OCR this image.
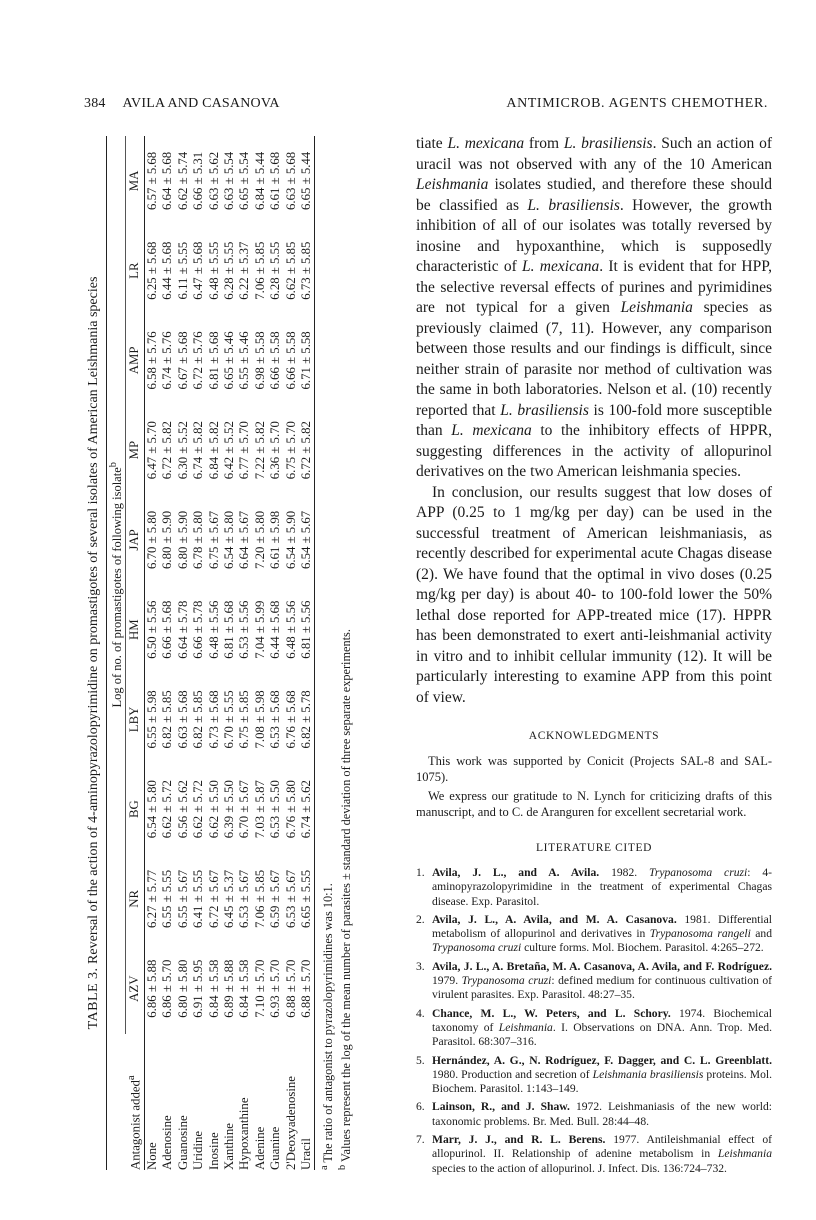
384 AVILA AND CASANOVA	ANTIMICROB. AGENTS CHEMOTHER.
TABLE 3. Reversal of the action of 4-aminopyrazolopyrimidine on promastigotes of several isolates of American Leishmania species
	Log of no. of promastigotes of following isolate$^b$
Antagonist added$^a$	AZV	NR	BG	LBY	HM	JAP	MP	AMP	LR	MA
None	6.86 ± 5.88	6.27 ± 5.77	6.54 ± 5.80	6.55 ± 5.98	6.50 ± 5.56	6.70 ± 5.80	6.47 ± 5.70	6.58 ± 5.76	6.25 ± 5.68	6.57 ± 5.68
Adenosine	6.86 ± 5.70	6.55 ± 5.55	6.62 ± 5.72	6.82 ± 5.85	6.66 ± 5.68	6.80 ± 5.90	6.72 ± 5.82	6.74 ± 5.76	6.44 ± 5.68	6.64 ± 5.68
Guanosine	6.80 ± 5.80	6.55 ± 5.67	6.56 ± 5.62	6.63 ± 5.68	6.64 ± 5.78	6.80 ± 5.90	6.30 ± 5.52	6.67 ± 5.68	6.11 ± 5.55	6.62 ± 5.74
Uridine	6.91 ± 5.95	6.41 ± 5.55	6.62 ± 5.72	6.82 ± 5.85	6.66 ± 5.78	6.78 ± 5.80	6.74 ± 5.82	6.72 ± 5.76	6.47 ± 5.68	6.66 ± 5.31
Inosine	6.84 ± 5.58	6.72 ± 5.67	6.62 ± 5.50	6.73 ± 5.68	6.48 ± 5.56	6.75 ± 5.67	6.84 ± 5.82	6.81 ± 5.68	6.48 ± 5.55	6.63 ± 5.62
Xanthine	6.89 ± 5.88	6.45 ± 5.37	6.39 ± 5.50	6.70 ± 5.55	6.81 ± 5.68	6.54 ± 5.80	6.42 ± 5.52	6.65 ± 5.46	6.28 ± 5.55	6.63 ± 5.54
Hypoxanthine	6.84 ± 5.58	6.53 ± 5.67	6.70 ± 5.67	6.75 ± 5.85	6.53 ± 5.56	6.64 ± 5.67	6.77 ± 5.70	6.55 ± 5.46	6.22 ± 5.37	6.65 ± 5.54
Adenine	7.10 ± 5.70	7.06 ± 5.85	7.03 ± 5.87	7.08 ± 5.98	7.04 ± 5.99	7.20 ± 5.80	7.22 ± 5.82	6.98 ± 5.58	7.06 ± 5.85	6.84 ± 5.44
Guanine	6.93 ± 5.70	6.59 ± 5.67	6.53 ± 5.50	6.53 ± 5.68	6.44 ± 5.68	6.61 ± 5.98	6.36 ± 5.70	6.66 ± 5.58	6.28 ± 5.55	6.61 ± 5.68
2'Deoxyadenosine	6.88 ± 5.70	6.53 ± 5.67	6.76 ± 5.80	6.76 ± 5.68	6.48 ± 5.56	6.54 ± 5.90	6.75 ± 5.70	6.66 ± 5.58	6.62 ± 5.85	6.63 ± 5.68
Uracil	6.88 ± 5.70	6.65 ± 5.55	6.74 ± 5.62	6.82 ± 5.78	6.81 ± 5.56	6.54 ± 5.67	6.72 ± 5.82	6.71 ± 5.58	6.73 ± 5.85	6.65 ± 5.44
$^a$ The ratio of antagonist to pyrazolopyrimidines was 10:1.
$^b$ Values represent the log of the mean number of parasites ± standard deviation of three separate experiments.

tiate L. mexicana from L. brasiliensis. Such an action of uracil was not observed with any of the 10 American Leishmania isolates studied, and therefore these should be classified as L. brasiliensis. However, the growth inhibition of all of our isolates was totally reversed by inosine and hypoxanthine, which is supposedly characteristic of L. mexicana. It is evident that for HPP, the selective reversal effects of purines and pyrimidines are not typical for a given Leishmania species as previously claimed (7, 11). However, any comparison between those results and our findings is difficult, since neither strain of parasite nor method of cultivation was the same in both laboratories. Nelson et al. (10) recently reported that L. brasiliensis is 100-fold more susceptible than L. mexicana to the inhibitory effects of HPPR, suggesting differences in the activity of allopurinol derivatives on the two American leishmania species.

In conclusion, our results suggest that low doses of APP (0.25 to 1 mg/kg per day) can be used in the successful treatment of American leishmaniasis, as recently described for experimental acute Chagas disease (2). We have found that the optimal in vivo doses (0.25 mg/kg per day) is about 40- to 100-fold lower the 50% lethal dose reported for APP-treated mice (17). HPPR has been demonstrated to exert anti-leishmanial activity in vitro and to inhibit cellular immunity (12). It will be particularly interesting to examine APP from this point of view.

ACKNOWLEDGMENTS

This work was supported by Conicit (Projects SAL-8 and SAL-1075).

We express our gratitude to N. Lynch for criticizing drafts of this manuscript, and to C. de Aranguren for excellent secretarial work.

LITERATURE CITED
1. Avila, J. L., and A. Avila. 1982. Trypanosoma cruzi: 4-aminopyrazolopyrimidine in the treatment of experimental Chagas disease. Exp. Parasitol.
2. Avila, J. L., A. Avila, and M. A. Casanova. 1981. Differential metabolism of allopurinol and derivatives in Trypanosoma rangeli and Trypanosoma cruzi culture forms. Mol. Biochem. Parasitol. 4:265–272.
3. Avila, J. L., A. Bretaña, M. A. Casanova, A. Avila, and F. Rodríguez. 1979. Trypanosoma cruzi: defined medium for continuous cultivation of virulent parasites. Exp. Parasitol. 48:27–35.
4. Chance, M. L., W. Peters, and L. Schory. 1974. Biochemical taxonomy of Leishmania. I. Observations on DNA. Ann. Trop. Med. Parasitol. 68:307–316.
5. Hernández, A. G., N. Rodríguez, F. Dagger, and C. L. Greenblatt. 1980. Production and secretion of Leishmania brasiliensis proteins. Mol. Biochem. Parasitol. 1:143–149.
6. Lainson, R., and J. Shaw. 1972. Leishmaniasis of the new world: taxonomic problems. Br. Med. Bull. 28:44–48.
7. Marr, J. J., and R. L. Berens. 1977. Antileishmanial effect of allopurinol. II. Relationship of adenine metabolism in Leishmania species to the action of allopurinol. J. Infect. Dis. 136:724–732.
